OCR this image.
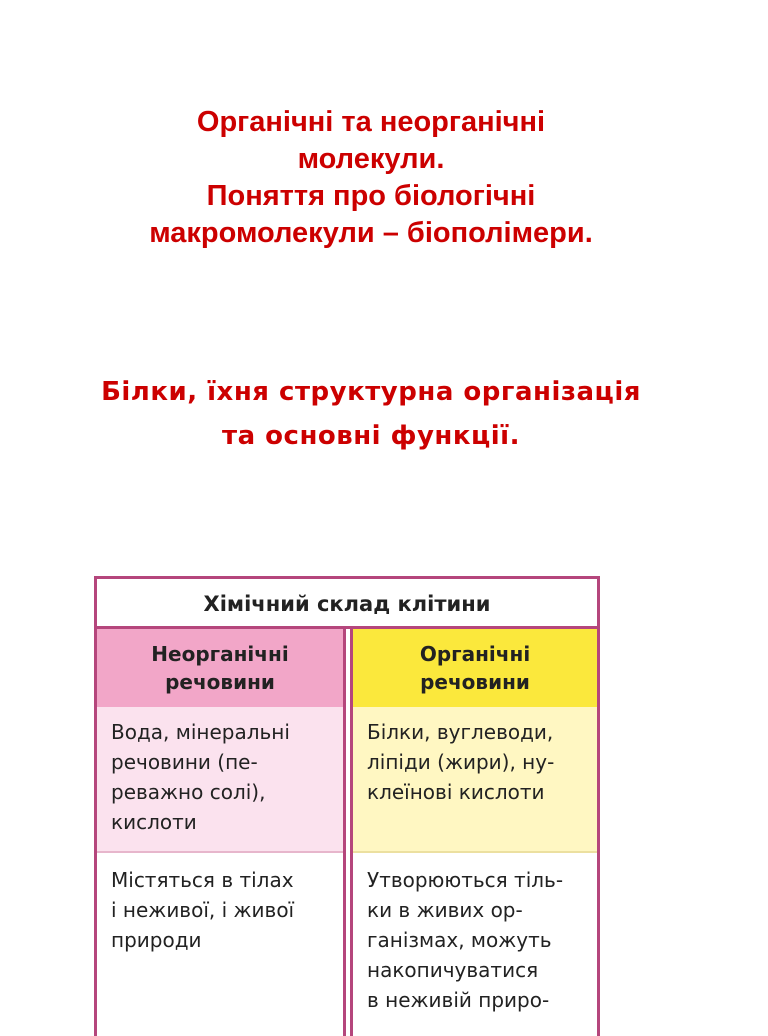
Органічні та неорганічні
молекули.
Поняття про біологічні
макромолекули – біополімери.
Білки, їхня структурна організація
та основні функції.
Хімічний склад клітини
Неорганічні
речовини
Вода, мінеральні
речовини (пе-
реважно солі),
кислоти
Містяться в тілах
і неживої, і живої
природи
Органічні
речовини
Білки, вуглеводи,
ліпіди (жири), ну-
клеїнові кислоти
Утворюються тіль-
ки в живих ор-
ганізмах, можуть
накопичуватися
в неживій приро-
